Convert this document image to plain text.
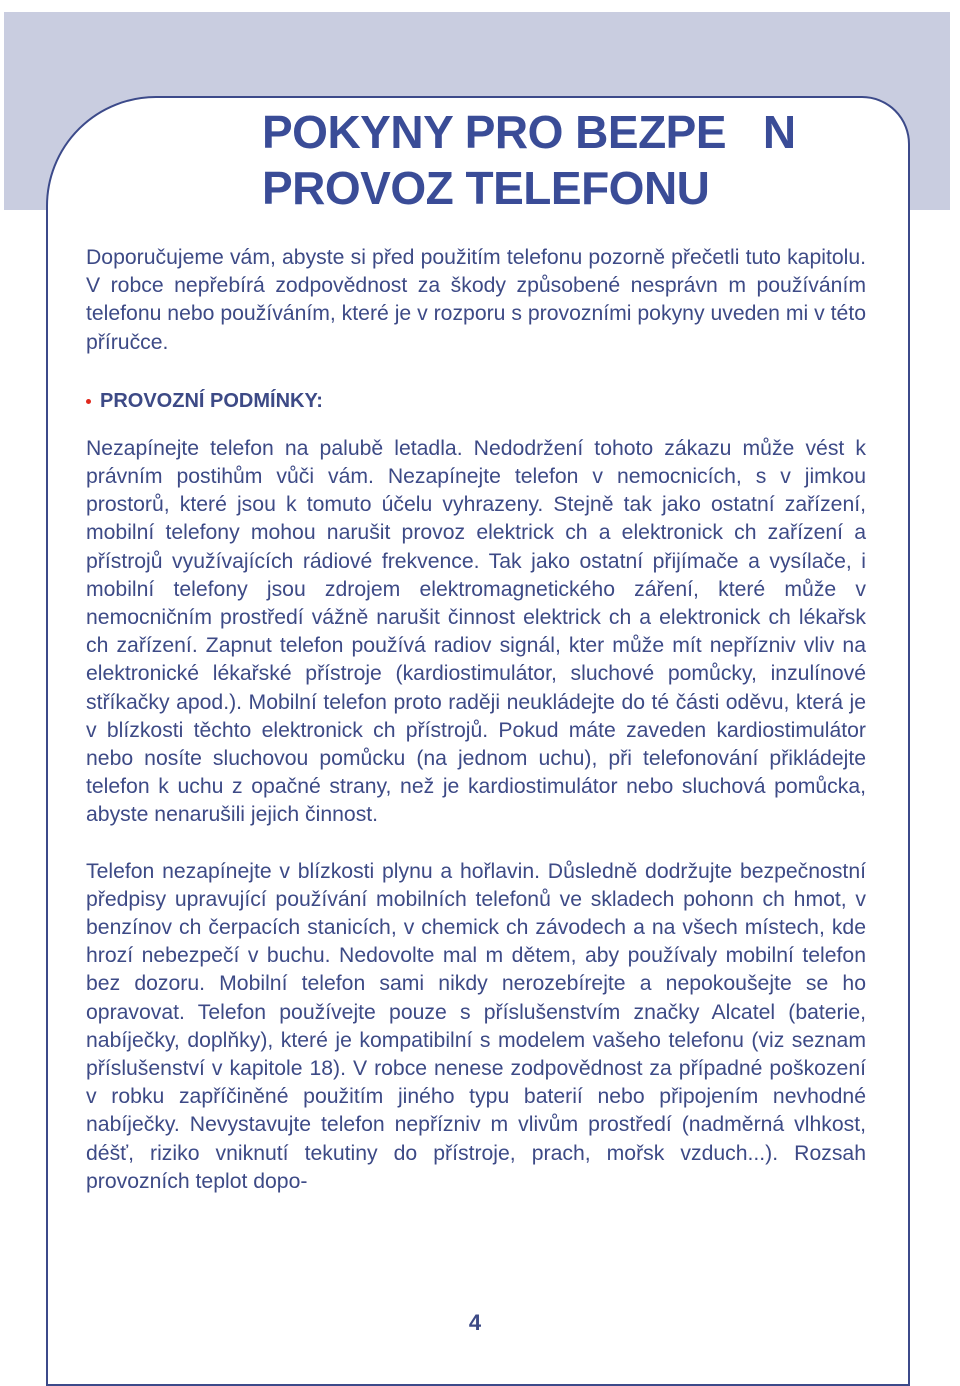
POKYNY PRO BEZPE   N
PROVOZ TELEFONU

Doporučujeme vám, abyste si před použitím telefonu pozorně přečetli tuto kapitolu. V robce nepřebírá zodpovědnost za škody způsobené nesprávn m používáním telefonu nebo používáním, které je v rozporu s provozními pokyny uveden mi v této příručce.

PROVOZNÍ PODMÍNKY:

Nezapínejte telefon na palubě letadla. Nedodržení tohoto zákazu může vést k právním postihům vůči vám. Nezapínejte telefon v nemocnicích, s v jimkou prostorů, které jsou k tomuto účelu vyhrazeny. Stejně tak jako ostatní zařízení, mobilní telefony mohou narušit provoz elektrick ch a elektronick ch zařízení a přístrojů využívajících rádiové frekvence. Tak jako ostatní přijímače a vysílače, i mobilní telefony jsou zdrojem elektromagnetického záření, které může v nemocničním prostředí vážně narušit činnost elektrick ch a elektronick ch lékařsk ch zařízení. Zapnut telefon používá radiov signál, kter může mít nepřízniv vliv na elektronické lékařské přístroje (kardiostimulátor, sluchové pomůcky, inzulínové stříkačky apod.). Mobilní telefon proto raději neukládejte do té části oděvu, která je v blízkosti těchto elektronick ch přístrojů. Pokud máte zaveden kardiostimulátor nebo nosíte sluchovou pomůcku (na jednom uchu), při telefonování přikládejte telefon k uchu z opačné strany, než je kardiostimulátor nebo sluchová pomůcka, abyste nenarušili jejich činnost.

Telefon nezapínejte v blízkosti plynu a hořlavin. Důsledně dodržujte bezpečnostní předpisy upravující používání mobilních telefonů ve skladech pohonn ch hmot, v benzínov ch čerpacích stanicích, v chemick ch závodech a na všech místech, kde hrozí nebezpečí v buchu. Nedovolte mal m dětem, aby používaly mobilní telefon bez dozoru. Mobilní telefon sami nikdy nerozebírejte a nepokoušejte se ho opravovat. Telefon používejte pouze s příslušenstvím značky Alcatel (baterie, nabíječky, doplňky), které je kompatibilní s modelem vašeho telefonu (viz seznam příslušenství v kapitole 18). V robce nenese zodpovědnost za případné poškození v robku zapříčiněné použitím jiného typu baterií nebo připojením nevhodné nabíječky. Nevystavujte telefon nepřízniv m vlivům prostředí (nadměrná vlhkost, déšť, riziko vniknutí tekutiny do přístroje, prach, mořsk vzduch...). Rozsah provozních teplot dopo-

4
